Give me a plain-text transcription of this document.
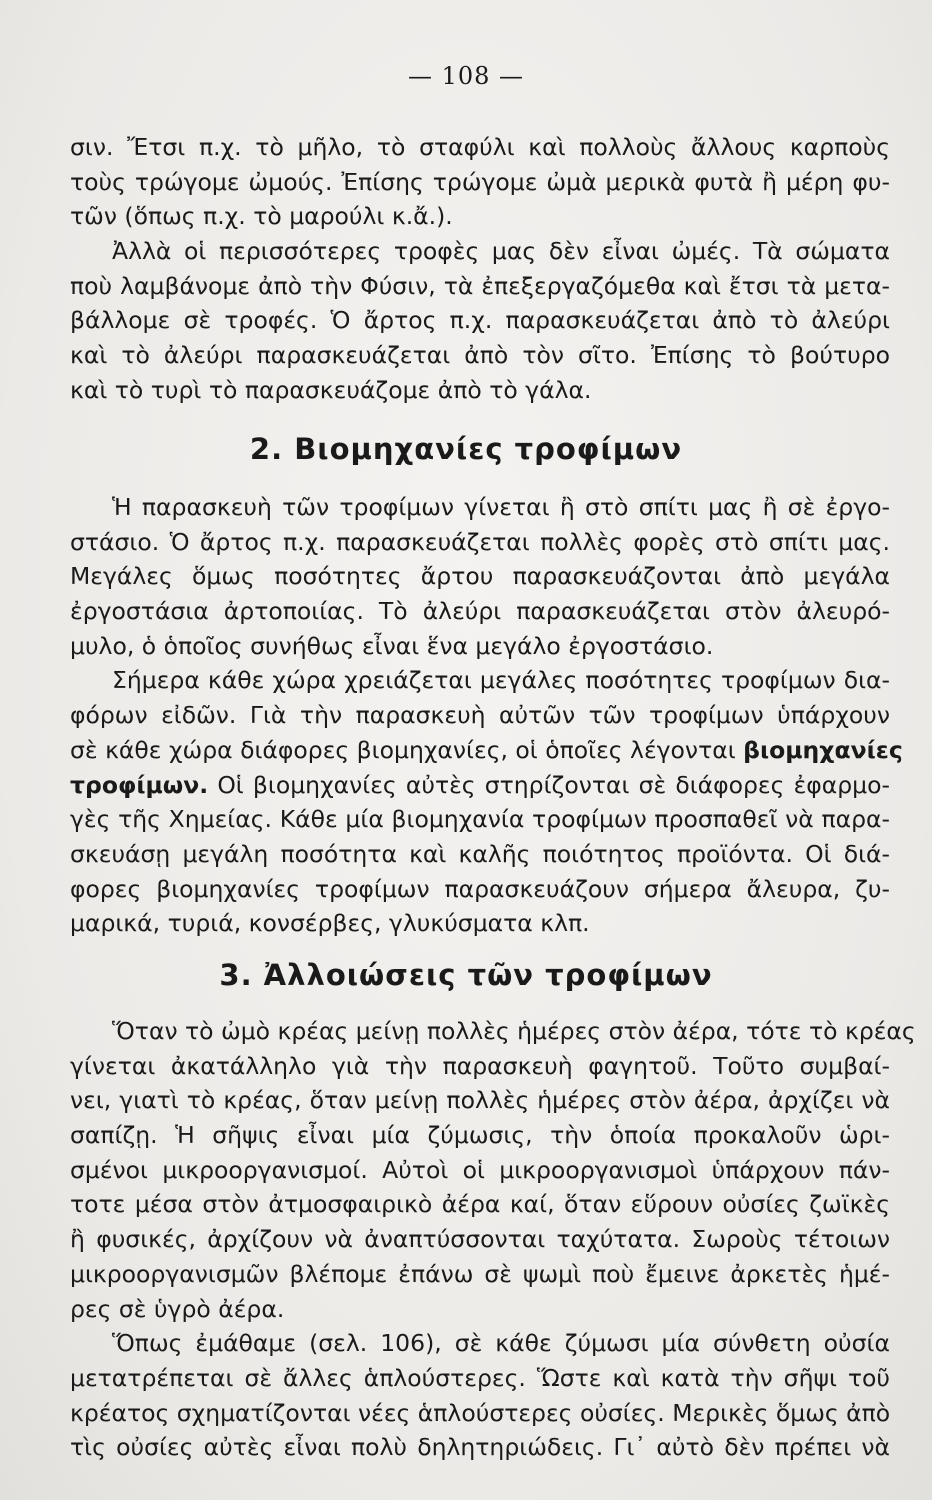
— 108 —
σιν. Ἔτσι π.χ. τὸ μῆλο, τὸ σταφύλι καὶ πολλοὺς ἄλλους καρποὺς
τοὺς τρώγομε ὠμούς. Ἐπίσης τρώγομε ὠμὰ μερικὰ φυτὰ ἢ μέρη φυ-
τῶν (ὅπως π.χ. τὸ μαρούλι κ.ἄ.).
Ἀλλὰ οἱ περισσότερες τροφὲς μας δὲν εἶναι ὠμές. Τὰ σώματα
ποὺ λαμβάνομε ἀπὸ τὴν Φύσιν, τὰ ἐπεξεργαζόμεθα καὶ ἔτσι τὰ μετα-
βάλλομε σὲ τροφές. Ὁ ἄρτος π.χ. παρασκευάζεται ἀπὸ τὸ ἀλεύρι
καὶ τὸ ἀλεύρι παρασκευάζεται ἀπὸ τὸν σῖτο. Ἐπίσης τὸ βούτυρο
καὶ τὸ τυρὶ τὸ παρασκευάζομε ἀπὸ τὸ γάλα.
2. Βιομηχανίες τροφίμων
Ἡ παρασκευὴ τῶν τροφίμων γίνεται ἢ στὸ σπίτι μας ἢ σὲ ἐργο-
στάσιο. Ὁ ἄρτος π.χ. παρασκευάζεται πολλὲς φορὲς στὸ σπίτι μας.
Μεγάλες ὅμως ποσότητες ἄρτου παρασκευάζονται ἀπὸ μεγάλα
ἐργοστάσια ἀρτοποιίας. Τὸ ἀλεύρι παρασκευάζεται στὸν ἀλευρό-
μυλο, ὁ ὁποῖος συνήθως εἶναι ἕνα μεγάλο ἐργοστάσιο.
Σήμερα κάθε χώρα χρειάζεται μεγάλες ποσότητες τροφίμων δια-
φόρων εἰδῶν. Γιὰ τὴν παρασκευὴ αὐτῶν τῶν τροφίμων ὑπάρχουν
σὲ κάθε χώρα διάφορες βιομηχανίες, οἱ ὁποῖες λέγονται βιομηχανίες
τροφίμων. Οἱ βιομηχανίες αὐτὲς στηρίζονται σὲ διάφορες ἐφαρμο-
γὲς τῆς Χημείας. Κάθε μία βιομηχανία τροφίμων προσπαθεῖ νὰ παρα-
σκευάσῃ μεγάλη ποσότητα καὶ καλῆς ποιότητος προϊόντα. Οἱ διά-
φορες βιομηχανίες τροφίμων παρασκευάζουν σήμερα ἄλευρα, ζυ-
μαρικά, τυριά, κονσέρβες, γλυκύσματα κλπ.
3. Ἀλλοιώσεις τῶν τροφίμων
Ὅταν τὸ ὠμὸ κρέας μείνῃ πολλὲς ἡμέρες στὸν ἀέρα, τότε τὸ κρέας
γίνεται ἀκατάλληλο γιὰ τὴν παρασκευὴ φαγητοῦ. Τοῦτο συμβαί-
νει, γιατὶ τὸ κρέας, ὅταν μείνῃ πολλὲς ἡμέρες στὸν ἀέρα, ἀρχίζει νὰ
σαπίζῃ. Ἡ σῆψις εἶναι μία ζύμωσις, τὴν ὁποία προκαλοῦν ὡρι-
σμένοι μικροοργανισμοί. Αὐτοὶ οἱ μικροοργανισμοὶ ὑπάρχουν πάν-
τοτε μέσα στὸν ἀτμοσφαιρικὸ ἀέρα καί, ὅταν εὕρουν οὐσίες ζωϊκὲς
ἢ φυσικές, ἀρχίζουν νὰ ἀναπτύσσονται ταχύτατα. Σωροὺς τέτοιων
μικροοργανισμῶν βλέπομε ἐπάνω σὲ ψωμὶ ποὺ ἔμεινε ἀρκετὲς ἡμέ-
ρες σὲ ὑγρὸ ἀέρα.
Ὅπως ἐμάθαμε (σελ. 106), σὲ κάθε ζύμωσι μία σύνθετη οὐσία
μετατρέπεται σὲ ἄλλες ἁπλούστερες. Ὥστε καὶ κατὰ τὴν σῆψι τοῦ
κρέατος σχηματίζονται νέες ἁπλούστερες οὐσίες. Μερικὲς ὅμως ἀπὸ
τὶς οὐσίες αὐτὲς εἶναι πολὺ δηλητηριώδεις. Γι᾽ αὐτὸ δὲν πρέπει νὰ
